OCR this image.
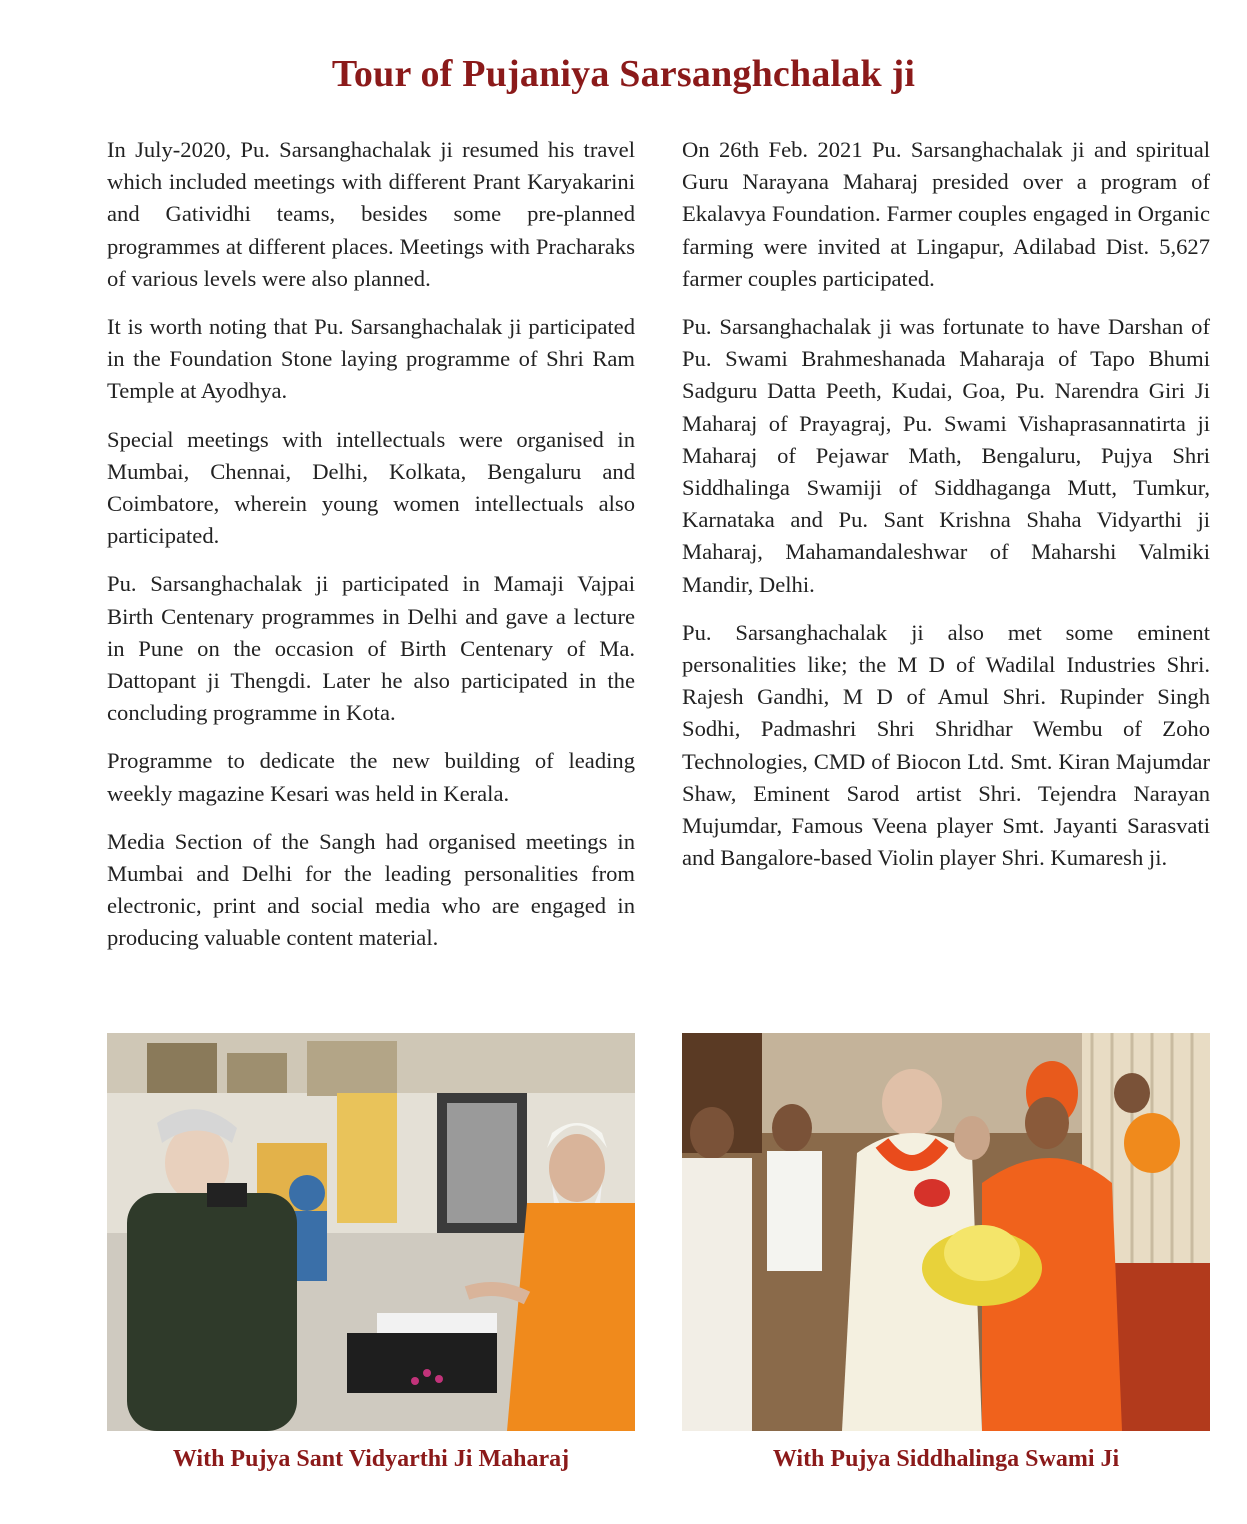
Tour of Pujaniya Sarsanghchalak ji

In July-2020, Pu. Sarsanghachalak ji resumed his travel which included meetings with different Prant Karyakarini and Gatividhi teams, besides some pre-planned programmes at different places. Meetings with Pracharaks of various levels were also planned.

It is worth noting that Pu. Sarsanghachalak ji participated in the Foundation Stone laying programme of Shri Ram Temple at Ayodhya.

Special meetings with intellectuals were organised in Mumbai, Chennai, Delhi, Kolkata, Bengaluru and Coimbatore, wherein young women intellectuals also participated.

Pu. Sarsanghachalak ji participated in Mamaji Vajpai Birth Centenary programmes in Delhi and gave a lecture in Pune on the occasion of Birth Centenary of Ma. Dattopant ji Thengdi. Later he also participated in the concluding programme in Kota.

Programme to dedicate the new building of leading weekly magazine Kesari was held in Kerala.

Media Section of the Sangh had organised meetings in Mumbai and Delhi for the leading personalities from electronic, print and social media who are engaged in producing valuable content material.

On 26th Feb. 2021 Pu. Sarsanghachalak ji and spiritual Guru Narayana Maharaj presided over a program of Ekalavya Foundation. Farmer couples engaged in Organic farming were invited at Lingapur, Adilabad Dist. 5,627 farmer couples participated.

Pu. Sarsanghachalak ji was fortunate to have Darshan of Pu. Swami Brahmeshanada Maharaja of Tapo Bhumi Sadguru Datta Peeth, Kudai, Goa, Pu. Narendra Giri Ji Maharaj of Prayagraj, Pu. Swami Vishaprasannatirta ji Maharaj of Pejawar Math, Bengaluru, Pujya Shri Siddhalinga Swamiji of Siddhaganga Mutt, Tumkur, Karnataka and Pu. Sant Krishna Shaha Vidyarthi ji Maharaj, Mahamandaleshwar of Maharshi Valmiki Mandir, Delhi.

Pu. Sarsanghachalak ji also met some eminent personalities like; the M D of Wadilal Industries Shri. Rajesh Gandhi, M D of Amul Shri. Rupinder Singh Sodhi, Padmashri Shri Shridhar Wembu of Zoho Technologies, CMD of Biocon Ltd. Smt. Kiran Majumdar Shaw, Eminent Sarod artist Shri. Tejendra Narayan Mujumdar, Famous Veena player Smt. Jayanti Sarasvati and Bangalore-based Violin player Shri. Kumaresh ji.

With Pujya Sant Vidyarthi Ji Maharaj	With Pujya Siddhalinga Swami Ji
